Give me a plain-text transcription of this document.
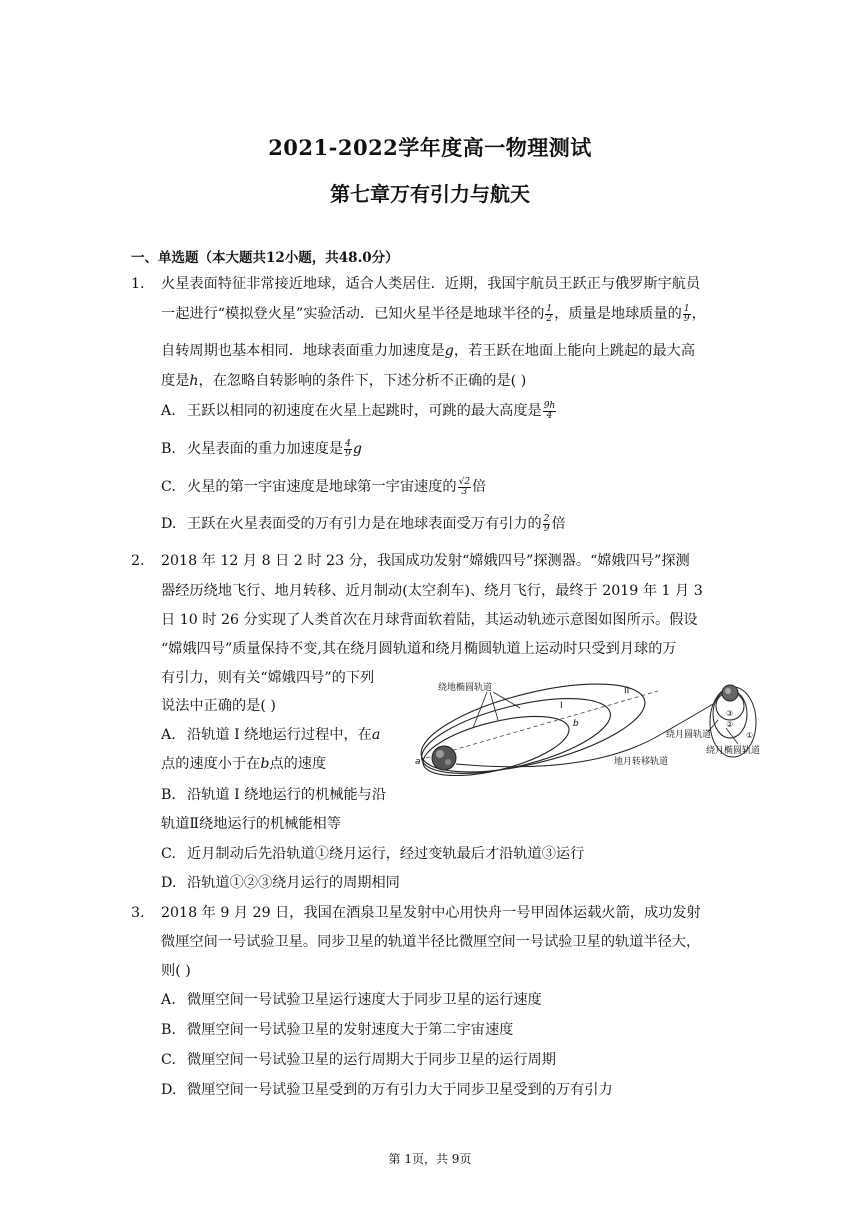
2021-2022学年度高一物理测试
第七章万有引力与航天
一、单选题（本大题共12小题，共48.0分）
1. 火星表面特征非常接近地球，适合人类居住．近期，我国宇航员王跃正与俄罗斯宇航员
一起进行“模拟登火星”实验活动．已知火星半径是地球半径的 $\frac{1}{2}$ ，质量是地球质量的 $\frac{1}{9}$ ，
自转周期也基本相同．地球表面重力加速度是g，若王跃在地面上能向上跳起的最大高
度是h，在忽略自转影响的条件下，下述分析不正确的是( )
A. 王跃以相同的初速度在火星上起跳时，可跳的最大高度是 $\frac{9h}{4}$
B. 火星表面的重力加速度是 $\frac{4}{9}$ g
C. 火星的第一宇宙速度是地球第一宇宙速度的 $\frac{√2}{3}$ 倍
D. 王跃在火星表面受的万有引力是在地球表面受万有引力的 $\frac{2}{9}$ 倍
2. 2018 年 12 月 8 日 2 时 23 分，我国成功发射“嫦娥四号”探测器。“嫦娥四号”探测
器经历绕地飞行、地月转移、近月制动(太空刹车)、绕月飞行，最终于 2019 年 1 月 3
日 10 时 26 分实现了人类首次在月球背面软着陆，其运动轨迹示意图如图所示。假设
“嫦娥四号”质量保持不变,其在绕月圆轨道和绕月椭圆轨道上运动时只受到月球的万
有引力，则有关“嫦娥四号”的下列
说法中正确的是( )
A. 沿轨道 I 绕地运行过程中，在a
点的速度小于在b点的速度
B. 沿轨道 I 绕地运行的机械能与沿
轨道Ⅱ绕地运行的机械能相等
C. 近月制动后先沿轨道①绕月运行，经过变轨最后才沿轨道③运行
D. 沿轨道①②③绕月运行的周期相同
绕地椭圆轨道	II
I
b
a	地月转移轨道
绕月圆轨道
绕月椭圆轨道
③
②
①
3. 2018 年 9 月 29 日，我国在酒泉卫星发射中心用快舟一号甲固体运载火箭，成功发射
微厘空间一号试验卫星。同步卫星的轨道半径比微厘空间一号试验卫星的轨道半径大，
则( )
A. 微厘空间一号试验卫星运行速度大于同步卫星的运行速度
B. 微厘空间一号试验卫星的发射速度大于第二宇宙速度
C. 微厘空间一号试验卫星的运行周期大于同步卫星的运行周期
D. 微厘空间一号试验卫星受到的万有引力大于同步卫星受到的万有引力
第 1页，共 9页
